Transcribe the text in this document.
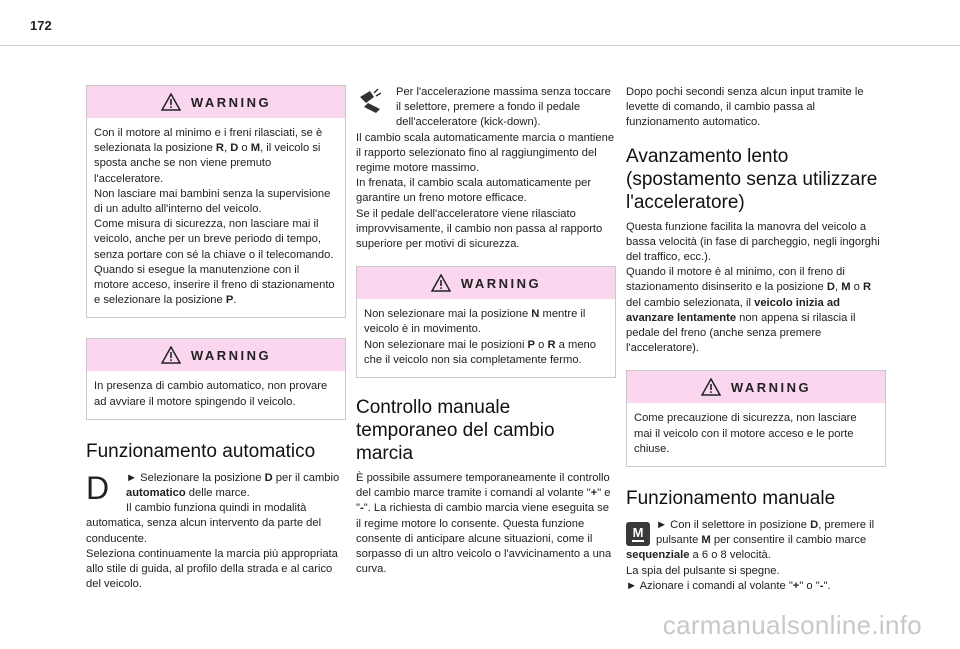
172
WARNING

Con il motore al minimo e i freni rilasciati, se è selezionata la posizione R, D o M, il veicolo si sposta anche se non viene premuto l'acceleratore.

Non lasciare mai bambini senza la supervisione di un adulto all'interno del veicolo.

Come misura di sicurezza, non lasciare mai il veicolo, anche per un breve periodo di tempo, senza portare con sé la chiave o il telecomando.

Quando si esegue la manutenzione con il motore acceso, inserire il freno di stazionamento e selezionare la posizione P.

WARNING

In presenza di cambio automatico, non provare ad avviare il motore spingendo il veicolo.

Funzionamento automatico
D	► Selezionare la posizione D per il cambio automatico delle marce.

Il cambio funziona quindi in modalità automatica, senza alcun intervento da parte del conducente.

Seleziona continuamente la marcia più appropriata allo stile di guida, al profilo della strada e al carico del veicolo.

Per l'accelerazione massima senza toccare il selettore, premere a fondo il pedale dell'acceleratore (kick-down).

Il cambio scala automaticamente marcia o mantiene il rapporto selezionato fino al raggiungimento del regime motore massimo.

In frenata, il cambio scala automaticamente per garantire un freno motore efficace.

Se il pedale dell'acceleratore viene rilasciato improvvisamente, il cambio non passa al rapporto superiore per motivi di sicurezza.

WARNING

Non selezionare mai la posizione N mentre il veicolo è in movimento.

Non selezionare mai le posizioni P o R a meno che il veicolo non sia completamente fermo.

Controllo manuale temporaneo del cambio marcia

È possibile assumere temporaneamente il controllo del cambio marce tramite i comandi al volante "+" e "-". La richiesta di cambio marcia viene eseguita se il regime motore lo consente. Questa funzione consente di anticipare alcune situazioni, come il sorpasso di un altro veicolo o l'avvicinamento a una curva.

Dopo pochi secondi senza alcun input tramite le levette di comando, il cambio passa al funzionamento automatico.

Avanzamento lento (spostamento senza utilizzare l'acceleratore)

Questa funzione facilita la manovra del veicolo a bassa velocità (in fase di parcheggio, negli ingorghi del traffico, ecc.).

Quando il motore è al minimo, con il freno di stazionamento disinserito e la posizione D, M o R del cambio selezionata, il veicolo inizia ad avanzare lentamente non appena si rilascia il pedale del freno (anche senza premere l'acceleratore).

WARNING

Come precauzione di sicurezza, non lasciare mai il veicolo con il motore acceso e le porte chiuse.

Funzionamento manuale
M	► Con il selettore in posizione D, premere il pulsante M per consentire il cambio marce sequenziale a 6 o 8 velocità.

La spia del pulsante si spegne.

► Azionare i comandi al volante "+" o "-".

carmanualsonline.info
